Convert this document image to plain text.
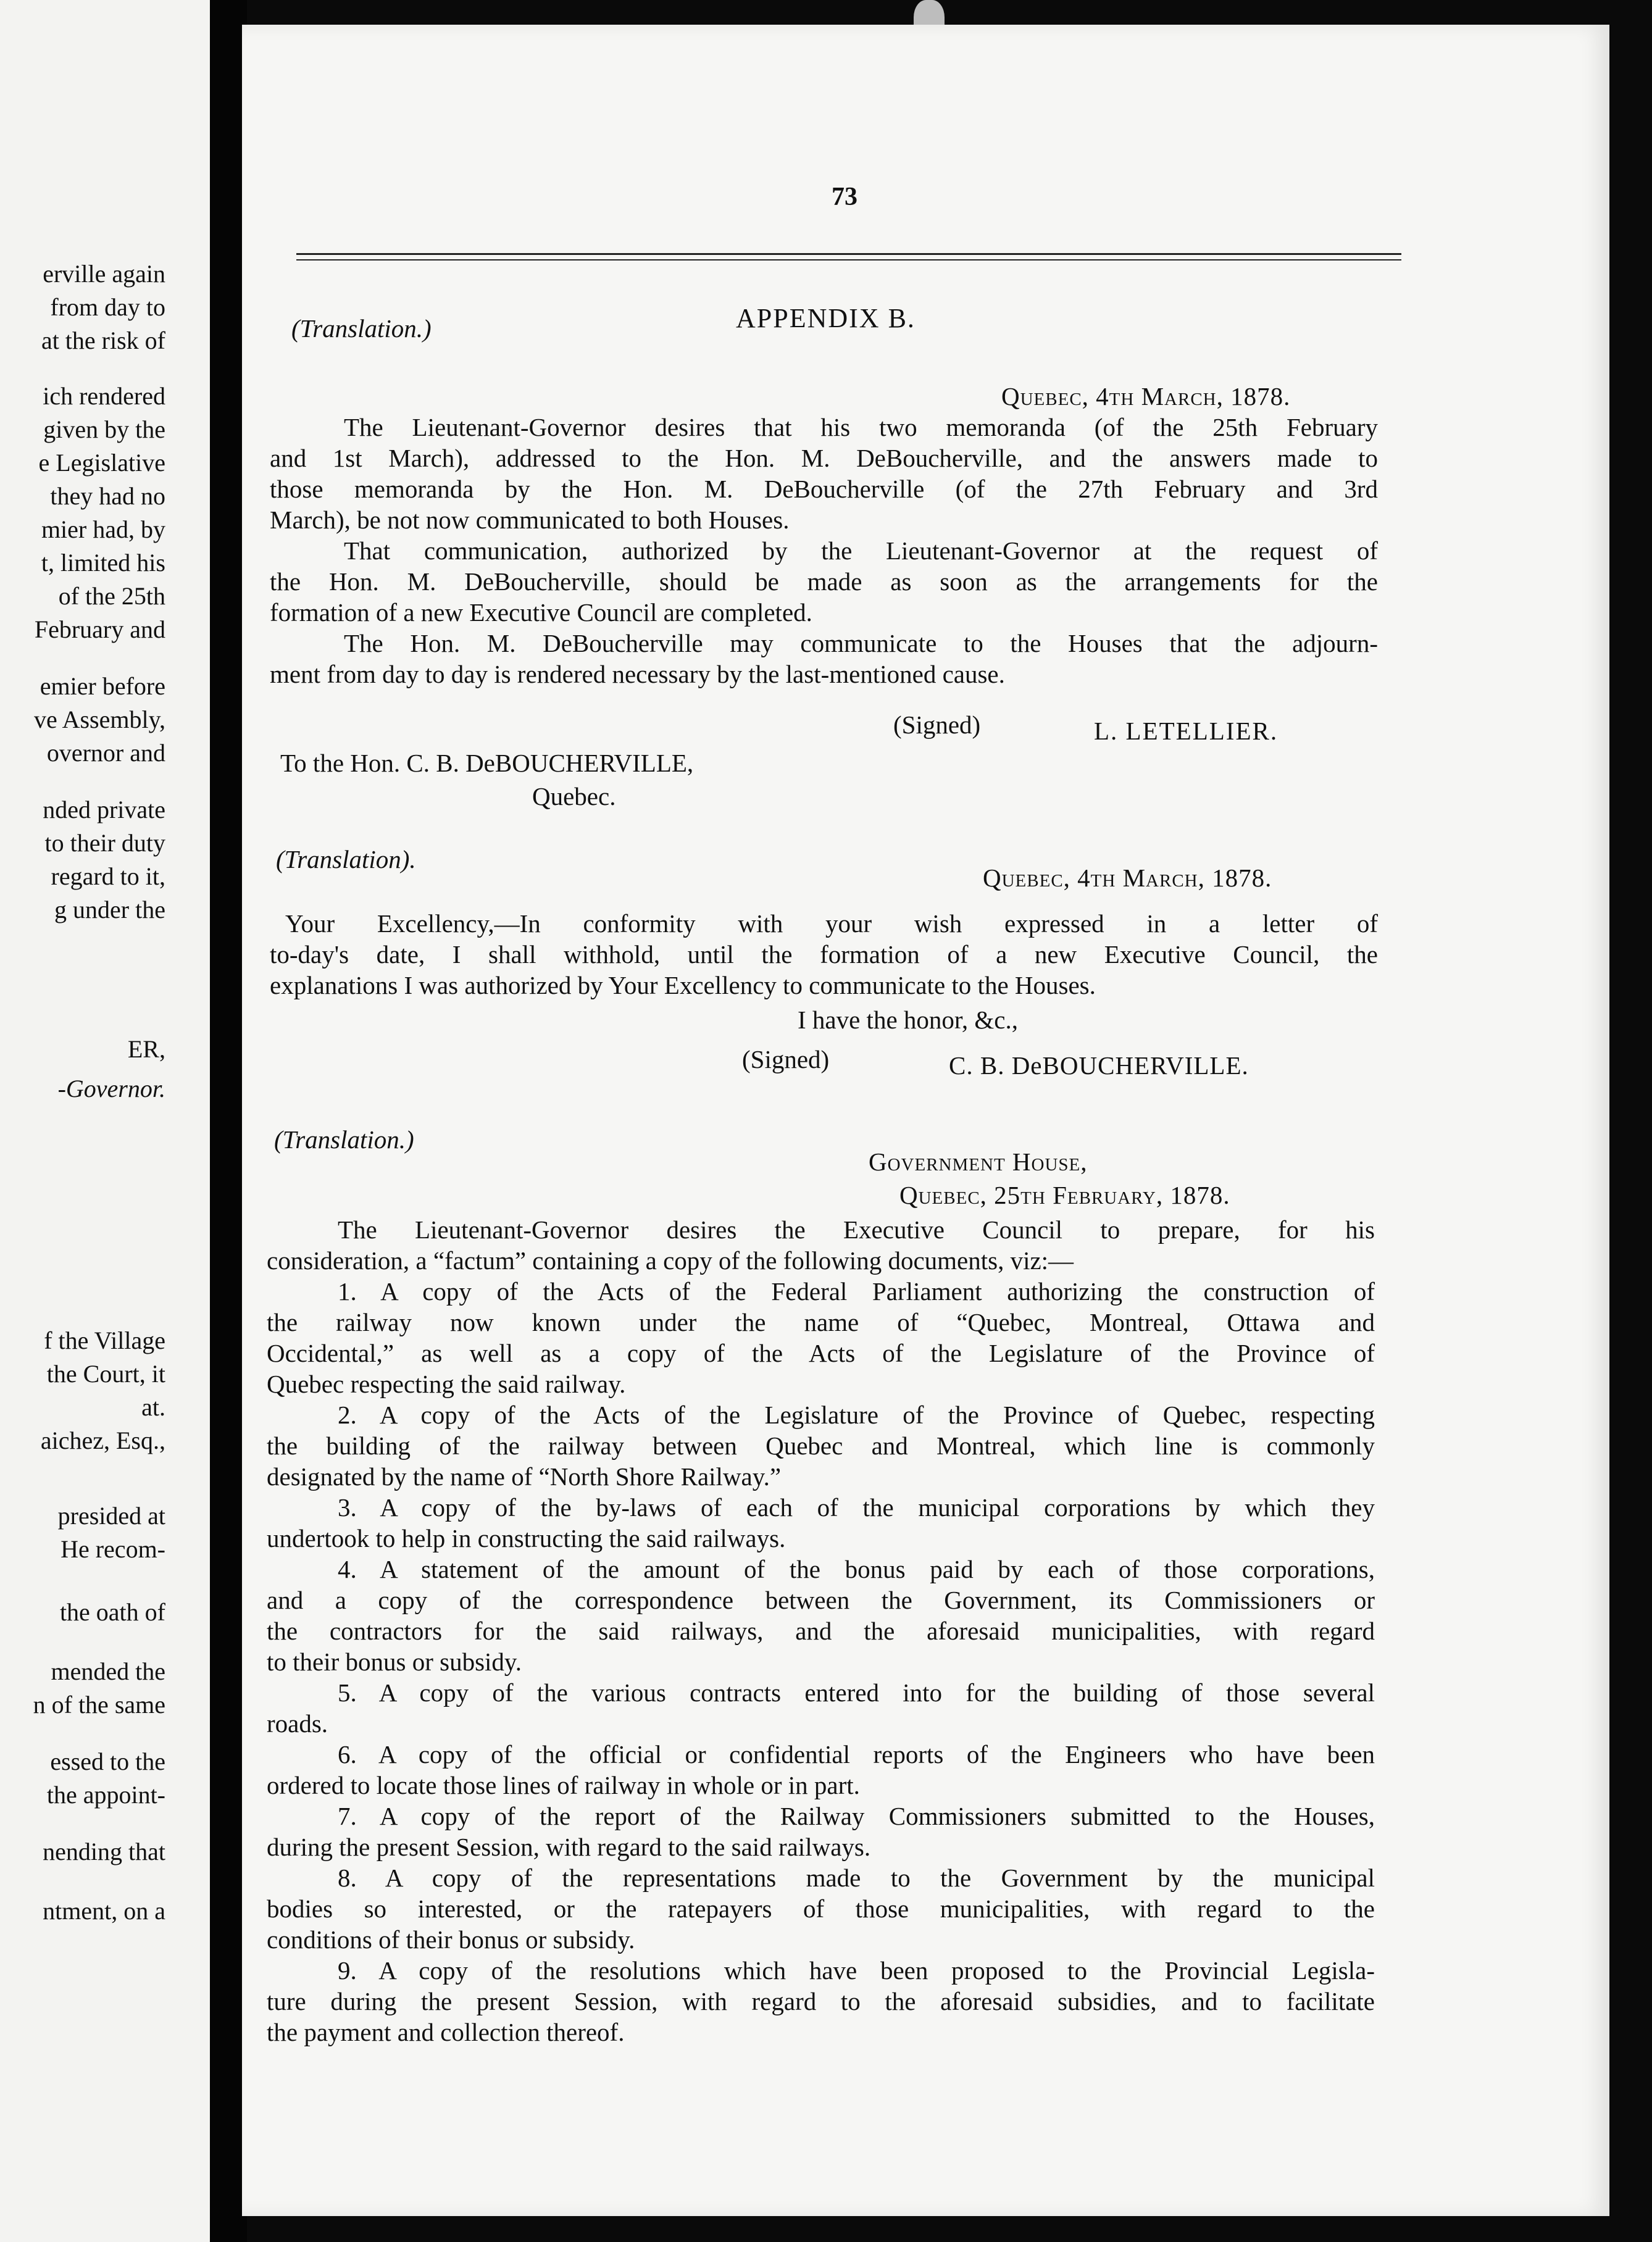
erville again
from day to
at the risk of
ich rendered
given by the
e Legislative
they had no
mier had, by
t, limited his
of the 25th
February and
emier before
ve Assembly,
overnor and
nded private
to their duty
regard to it,
g under the
ER,
-Governor.
f the Village
the Court, it
at.
aichez, Esq.,
presided at
He recom-
the oath of
mended the
n of the same
essed to the
the appoint-
nending that
ntment, on a
73
(Translation.)	APPENDIX B.
Quebec, 4th March, 1878.
The Lieutenant-Governor desires that his two memoranda (of the 25th February
and 1st March), addressed to the Hon. M. DeBoucherville, and the answers made to
those memoranda by the Hon. M. DeBoucherville (of the 27th February and 3rd
March), be not now communicated to both Houses.
That communication, authorized by the Lieutenant-Governor at the request of
the Hon. M. DeBoucherville, should be made as soon as the arrangements for the
formation of a new Executive Council are completed.
The Hon. M. DeBoucherville may communicate to the Houses that the adjourn-
ment from day to day is rendered necessary by the last-mentioned cause.
(Signed)	L. LETELLIER.
To the Hon. C. B. DeBOUCHERVILLE,
Quebec.
(Translation).
Quebec, 4th March, 1878.
Your Excellency,—In conformity with your wish expressed in a letter of
to-day's date, I shall withhold, until the formation of a new Executive Council, the
explanations I was authorized by Your Excellency to communicate to the Houses.
I have the honor, &c.,
(Signed)	C. B. DeBOUCHERVILLE.
(Translation.)
Government House,
Quebec, 25th February, 1878.
The Lieutenant-Governor desires the Executive Council to prepare, for his
consideration, a “factum” containing a copy of the following documents, viz:—
1. A copy of the Acts of the Federal Parliament authorizing the construction of
the railway now known under the name of “Quebec, Montreal, Ottawa and
Occidental,” as well as a copy of the Acts of the Legislature of the Province of
Quebec respecting the said railway.
2. A copy of the Acts of the Legislature of the Province of Quebec, respecting
the building of the railway between Quebec and Montreal, which line is commonly
designated by the name of “North Shore Railway.”
3. A copy of the by-laws of each of the municipal corporations by which they
undertook to help in constructing the said railways.
4. A statement of the amount of the bonus paid by each of those corporations,
and a copy of the correspondence between the Government, its Commissioners or
the contractors for the said railways, and the aforesaid municipalities, with regard
to their bonus or subsidy.
5. A copy of the various contracts entered into for the building of those several
roads.
6. A copy of the official or confidential reports of the Engineers who have been
ordered to locate those lines of railway in whole or in part.
7. A copy of the report of the Railway Commissioners submitted to the Houses,
during the present Session, with regard to the said railways.
8. A copy of the representations made to the Government by the municipal
bodies so interested, or the ratepayers of those municipalities, with regard to the
conditions of their bonus or subsidy.
9. A copy of the resolutions which have been proposed to the Provincial Legisla-
ture during the present Session, with regard to the aforesaid subsidies, and to facilitate
the payment and collection thereof.
